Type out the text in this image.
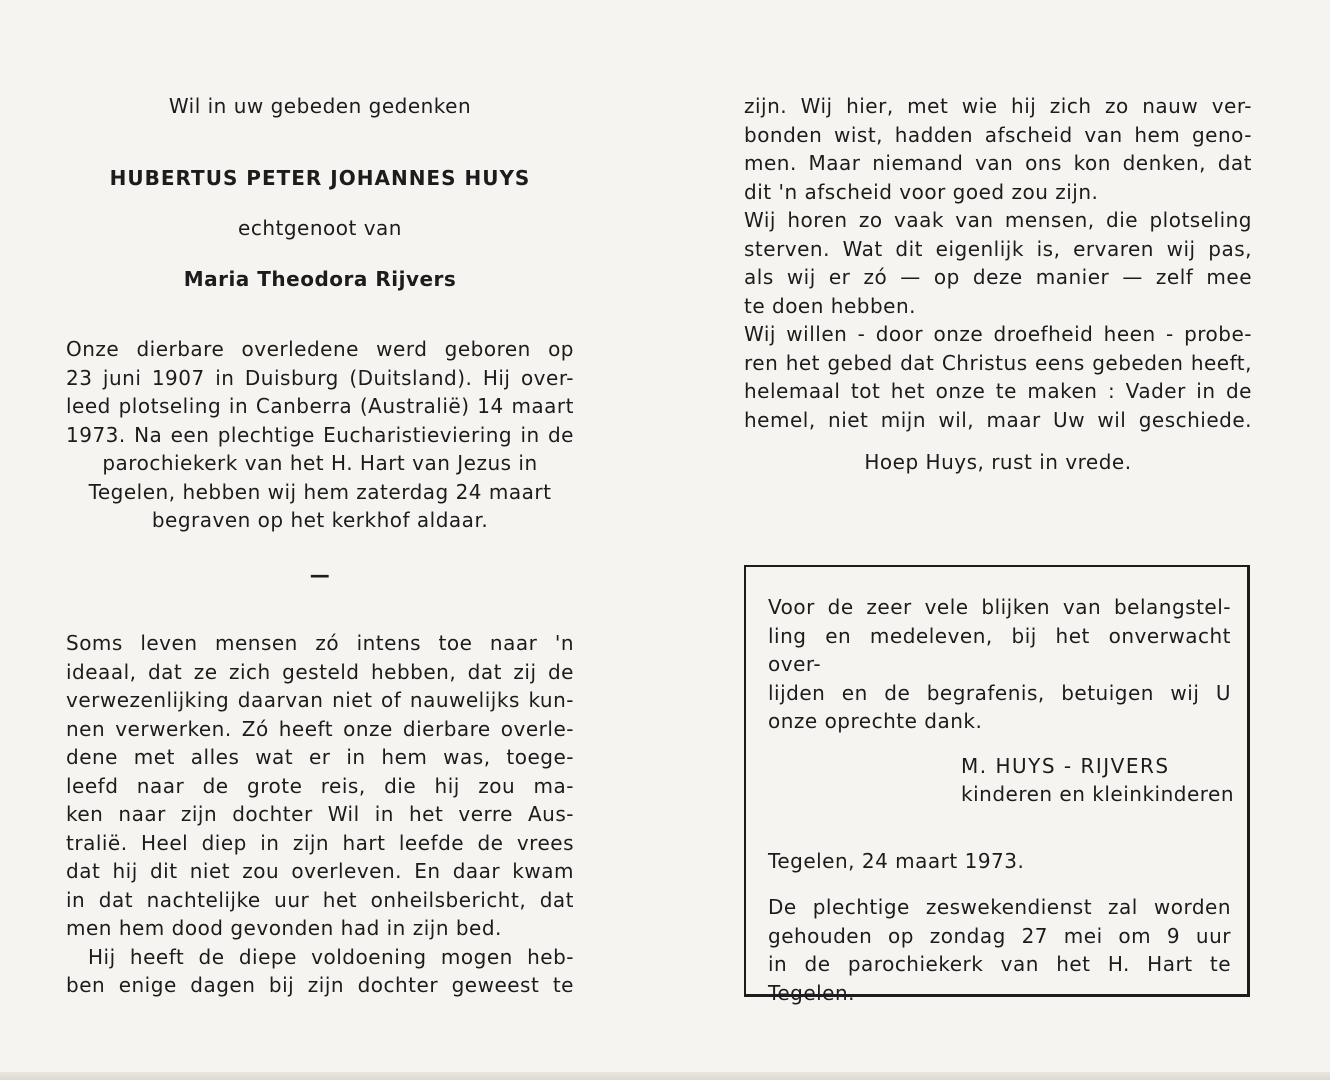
Wil in uw gebeden gedenken
HUBERTUS PETER JOHANNES HUYS
echtgenoot van
Maria Theodora Rijvers
Onze dierbare overledene werd geboren op
23 juni 1907 in Duisburg (Duitsland). Hij over-
leed plotseling in Canberra (Australië) 14 maart
1973. Na een plechtige Eucharistieviering in de
parochiekerk van het H. Hart van Jezus in
Tegelen, hebben wij hem zaterdag 24 maart
begraven op het kerkhof aldaar.
—
Soms leven mensen zó intens toe naar 'n
ideaal, dat ze zich gesteld hebben, dat zij de
verwezenlijking daarvan niet of nauwelijks kun-
nen verwerken. Zó heeft onze dierbare overle-
dene met alles wat er in hem was, toege-
leefd naar de grote reis, die hij zou ma-
ken naar zijn dochter Wil in het verre Aus-
tralië. Heel diep in zijn hart leefde de vrees
dat hij dit niet zou overleven. En daar kwam
in dat nachtelijke uur het onheilsbericht, dat
men hem dood gevonden had in zijn bed.
Hij heeft de diepe voldoening mogen heb-
ben enige dagen bij zijn dochter geweest te
zijn. Wij hier, met wie hij zich zo nauw ver-
bonden wist, hadden afscheid van hem geno-
men. Maar niemand van ons kon denken, dat
dit 'n afscheid voor goed zou zijn.
Wij horen zo vaak van mensen, die plotseling
sterven. Wat dit eigenlijk is, ervaren wij pas,
als wij er zó — op deze manier — zelf mee
te doen hebben.
Wij willen - door onze droefheid heen - probe-
ren het gebed dat Christus eens gebeden heeft,
helemaal tot het onze te maken : Vader in de
hemel, niet mijn wil, maar Uw wil geschiede.
Hoep Huys, rust in vrede.
Voor de zeer vele blijken van belangstel-
ling en medeleven, bij het onverwacht over-
lijden en de begrafenis, betuigen wij U
onze oprechte dank.
M. HUYS - RIJVERS
kinderen en kleinkinderen
Tegelen, 24 maart 1973.
De plechtige zeswekendienst zal worden
gehouden op zondag 27 mei om 9 uur
in de parochiekerk van het H. Hart te
Tegelen.
